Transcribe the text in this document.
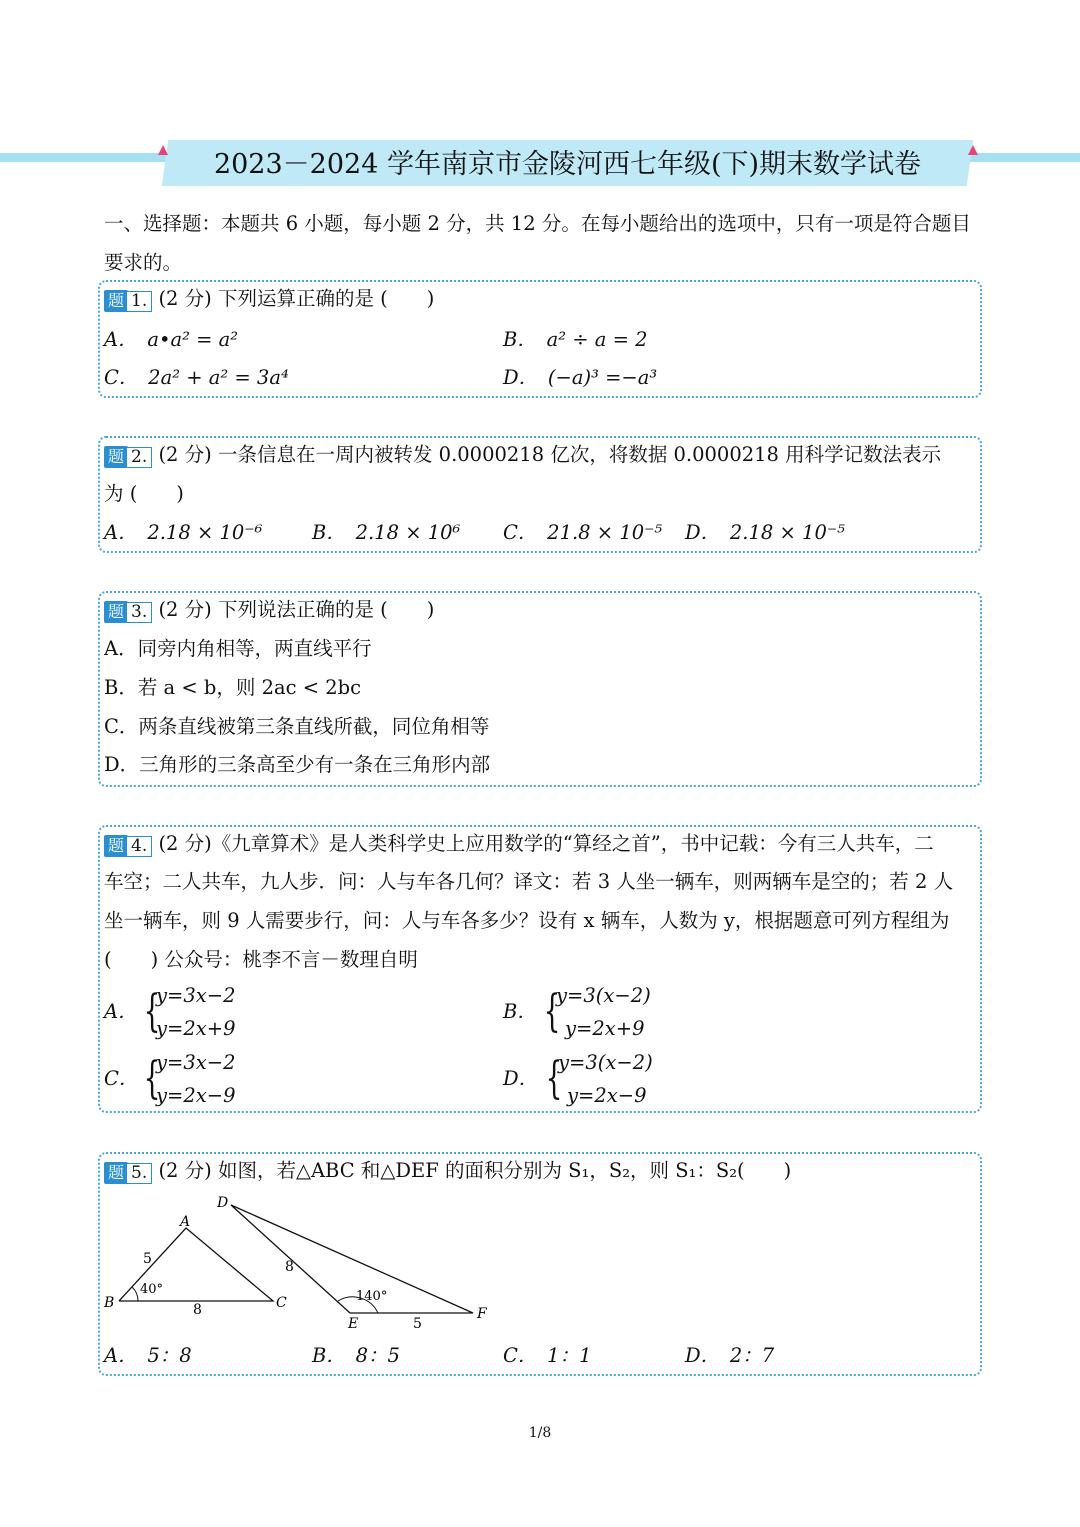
2023－2024 学年南京市金陵河西七年级(下)期末数学试卷
一、选择题：本题共 6 小题，每小题 2 分，共 12 分。在每小题给出的选项中，只有一项是符合题目要求的。
题 1. (2 分) 下列运算正确的是 (　　)
A．　a•a² = a²	B．　a² ÷ a = 2
C．　2a² + a² = 3a⁴	D．　(−a)³ =−a³
题 2. (2 分) 一条信息在一周内被转发 0.0000218 亿次，将数据 0.0000218 用科学记数法表示
为 (　　)
A．　2.18 × 10⁻⁶	B．　2.18 × 10⁶ C．　21.8 × 10⁻⁵ D．　2.18 × 10⁻⁵
题 3. (2 分) 下列说法正确的是 (　　)
A．同旁内角相等，两直线平行
B．若 a < b，则 2ac < 2bc
C．两条直线被第三条直线所截，同位角相等
D．三角形的三条高至少有一条在三角形内部
题 4. (2 分)《九章算术》是人类科学史上应用数学的“算经之首”，书中记载：今有三人共车，二
车空；二人共车，九人步．问：人与车各几何？译文：若 3 人坐一辆车，则两辆车是空的；若 2 人
坐一辆车，则 9 人需要步行，问：人与车各多少？设有 x 辆车，人数为 y，根据题意可列方程组为
(　　) 公众号：桃李不言－数理自明
A． {
y=3x−2
y=2x+9
B． {
y=3(x−2)
y=2x+9
C． {
y=3x−2
y=2x−9
D． {
y=3(x−2)
y=2x−9
题 5. (2 分) 如图，若△ABC 和△DEF 的面积分别为 S₁，S₂，则 S₁：S₂(　　)
A
B	C
D
E
F
5
8
40°
8
5
140°
A．　5：8	B．　8：5	C．　1：1	D．　2：7
1/8
